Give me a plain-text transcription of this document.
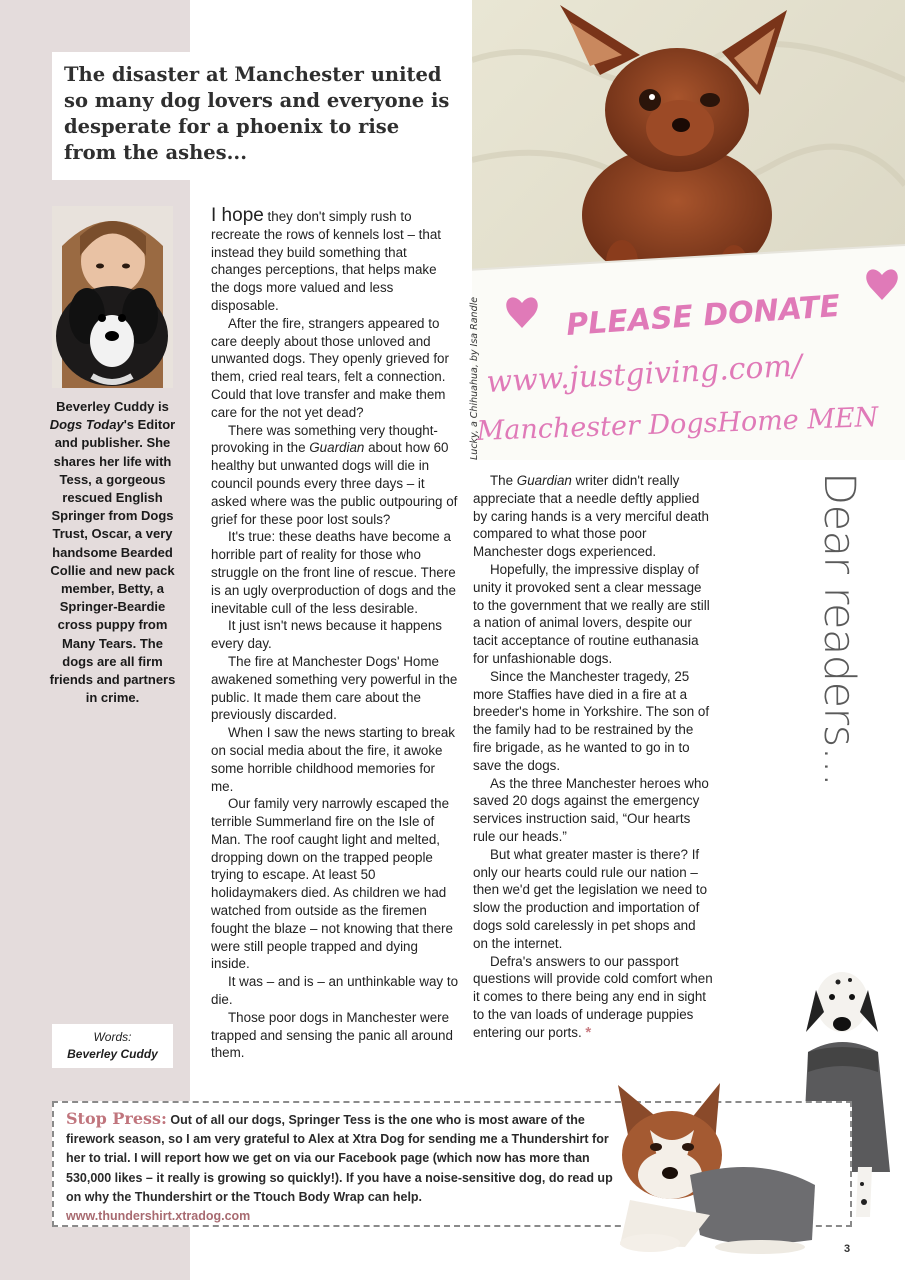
The disaster at Manchester united so many dog lovers and everyone is desperate for a phoenix to rise from the ashes...
PLEASE DONATE
www.justgiving.com/
Manchester DogsHome MEN
Lucky, a Chihuahua, by Isa Randle
Beverley Cuddy is Dogs Today's Editor and publisher. She shares her life with Tess, a gorgeous rescued English Springer from Dogs Trust, Oscar, a very handsome Bearded Collie and new pack member, Betty, a Springer-Beardie cross puppy from Many Tears. The dogs are all firm friends and partners in crime.
Words:
Beverley Cuddy

I hope they don't simply rush to recreate the rows of kennels lost – that instead they build something that changes perceptions, that helps make the dogs more valued and less disposable.

After the fire, strangers appeared to care deeply about those unloved and unwanted dogs. They openly grieved for them, cried real tears, felt a connection. Could that love transfer and make them care for the not yet dead?

There was something very thought-provoking in the Guardian about how 60 healthy but unwanted dogs will die in council pounds every three days – it asked where was the public outpouring of grief for these poor lost souls?

It's true: these deaths have become a horrible part of reality for those who struggle on the front line of rescue. There is an ugly overproduction of dogs and the inevitable cull of the less desirable.

It just isn't news because it happens every day.

The fire at Manchester Dogs' Home awakened something very powerful in the public. It made them care about the previously discarded.

When I saw the news starting to break on social media about the fire, it awoke some horrible childhood memories for me.

Our family very narrowly escaped the terrible Summerland fire on the Isle of Man. The roof caught light and melted, dropping down on the trapped people trying to escape. At least 50 holidaymakers died. As children we had watched from outside as the firemen fought the blaze – not knowing that there were still people trapped and dying inside.

It was – and is – an unthinkable way to die.

Those poor dogs in Manchester were trapped and sensing the panic all around them.

The Guardian writer didn't really appreciate that a needle deftly applied by caring hands is a very merciful death compared to what those poor Manchester dogs experienced.

Hopefully, the impressive display of unity it provoked sent a clear message to the government that we really are still a nation of animal lovers, despite our tacit acceptance of routine euthanasia for unfashionable dogs.

Since the Manchester tragedy, 25 more Staffies have died in a fire at a breeder's home in Yorkshire. The son of the family had to be restrained by the fire brigade, as he wanted to go in to save the dogs.

As the three Manchester heroes who saved 20 dogs against the emergency services instruction said, “Our hearts rule our heads.”

But what greater master is there? If only our hearts could rule our nation – then we'd get the legislation we need to slow the production and importation of dogs sold carelessly in pet shops and on the internet.

Defra's answers to our passport questions will provide cold comfort when it comes to there being any end in sight to the van loads of underage puppies entering our ports. *

Dear readers...
Stop Press: Out of all our dogs, Springer Tess is the one who is most aware of the firework season, so I am very grateful to Alex at Xtra Dog for sending me a Thundershirt for her to trial. I will report how we get on via our Facebook page (which now has more than 530,000 likes – it really is growing so quickly!). If you have a noise-sensitive dog, do read up on why the Thundershirt or the Ttouch Body Wrap can help.
www.thundershirt.xtradog.com
3
